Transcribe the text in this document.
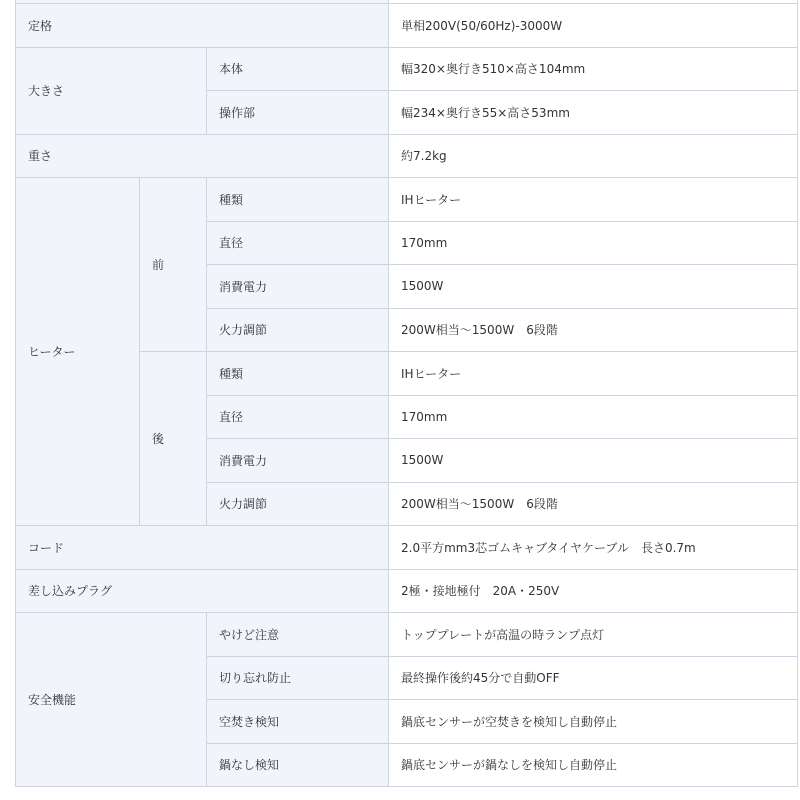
定格			単相200V(50/60Hz)-3000W
大きさ		本体	幅320×奥行き510×高さ104mm
		操作部	幅234×奥行き55×高さ53mm
重さ			約7.2kg
ヒーター	前	種類	IHヒーター
		直径	170mm
		消費電力	1500W
		火力調節	200W相当～1500W　6段階
	後	種類	IHヒーター
		直径	170mm
		消費電力	1500W
		火力調節	200W相当～1500W　6段階
コード			2.0平方mm3芯ゴムキャブタイヤケーブル　長さ0.7m
差し込みプラグ			2極・接地極付　20A・250V
安全機能		やけど注意	トッププレートが高温の時ランプ点灯
		切り忘れ防止	最終操作後約45分で自動OFF
		空焚き検知	鍋底センサーが空焚きを検知し自動停止
		鍋なし検知	鍋底センサーが鍋なしを検知し自動停止
